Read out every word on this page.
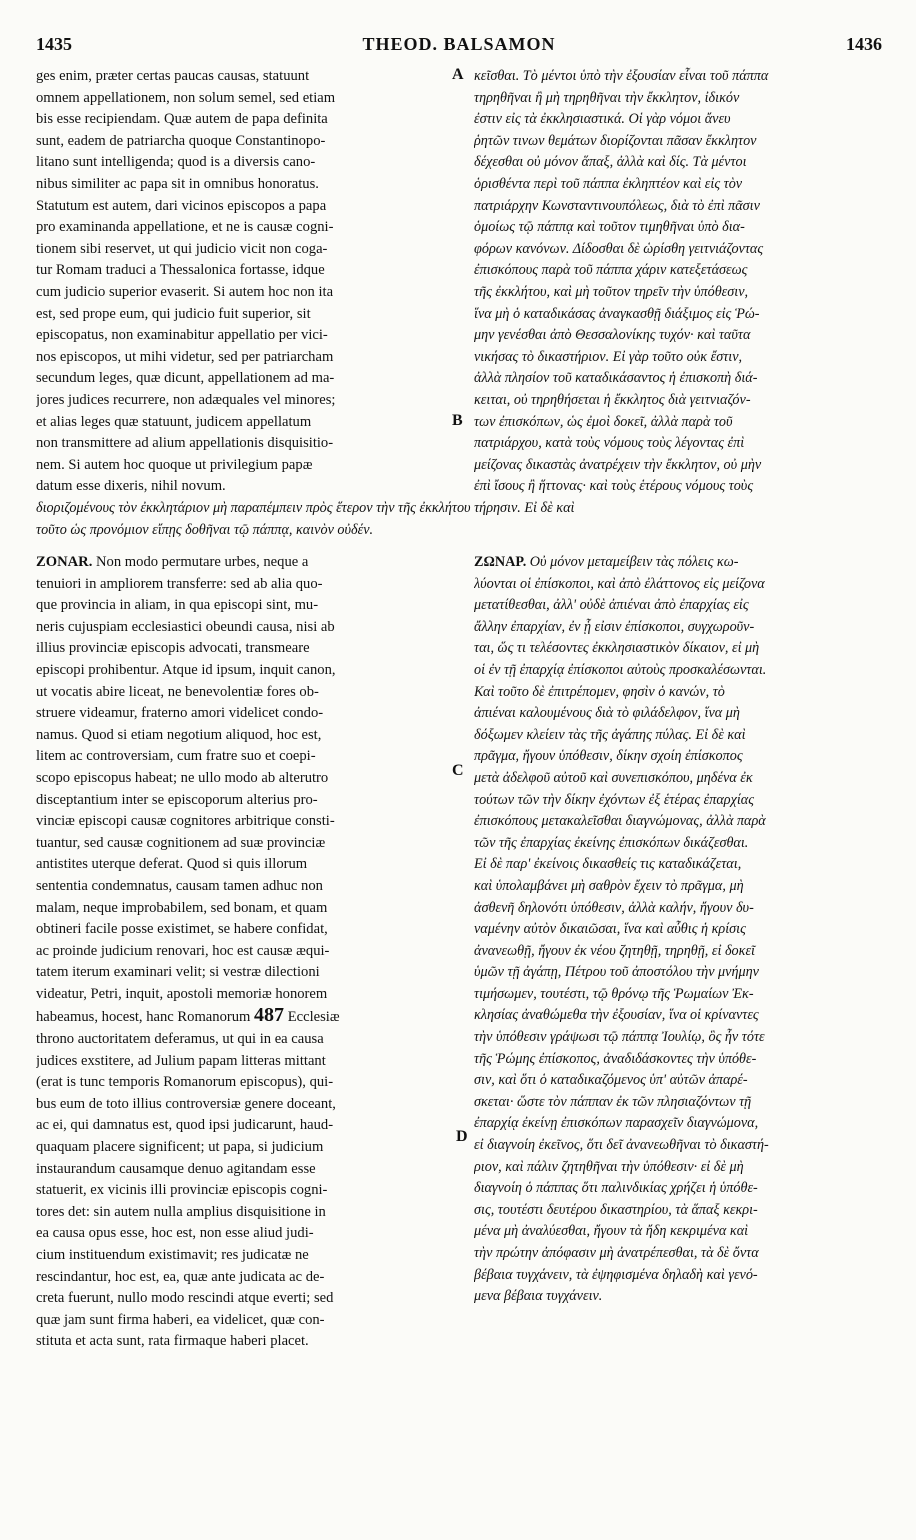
1435	THEOD. BALSAMON	1436
A
B
C
D
ges enim, præter certas paucas causas, statuunt
omnem appellationem, non solum semel, sed etiam
bis esse recipiendam. Quæ autem de papa definita
sunt, eadem de patriarcha quoque Constantinopo-
litano sunt intelligenda; quod is a diversis cano-
nibus similiter ac papa sit in omnibus honoratus.
Statutum est autem, dari vicinos episcopos a papa
pro examinanda appellatione, et ne is causæ cogni-
tionem sibi reservet, ut qui judicio vicit non coga-
tur Romam traduci a Thessalonica fortasse, idque
cum judicio superior evaserit. Si autem hoc non ita
est, sed prope eum, qui judicio fuit superior, sit
episcopatus, non examinabitur appellatio per vici-
nos episcopos, ut mihi videtur, sed per patriarcham
secundum leges, quæ dicunt, appellationem ad ma-
jores judices recurrere, non adæquales vel minores;
et alias leges quæ statuunt, judicem appellatum
non transmittere ad alium appellationis disquisitio-
nem. Si autem hoc quoque ut privilegium papæ
datum esse dixeris, nihil novum.
κεῖσθαι. Τὸ μέντοι ὑπὸ τὴν ἐξουσίαν εἶναι τοῦ πάππα
τηρηθῆναι ἢ μὴ τηρηθῆναι τὴν ἔκκλητον, ἰδικόν
ἐστιν εἰς τὰ ἐκκλησιαστικά. Οἱ γὰρ νόμοι ἄνευ
ῥητῶν τινων θεμάτων διορίζονται πᾶσαν ἔκκλητον
δέχεσθαι οὐ μόνον ἅπαξ, ἀλλὰ καὶ δίς. Τὰ μέντοι
ὁρισθέντα περὶ τοῦ πάππα ἐκληπτέον καὶ εἰς τὸν
πατριάρχην Κωνσταντινουπόλεως, διὰ τὸ ἐπὶ πᾶσιν
ὁμοίως τῷ πάππᾳ καὶ τοῦτον τιμηθῆναι ὑπὸ δια-
φόρων κανόνων. Δίδοσθαι δὲ ὡρίσθη γειτνιάζοντας
ἐπισκόπους παρὰ τοῦ πάππα χάριν κατεξετάσεως
τῆς ἐκκλήτου, καὶ μὴ τοῦτον τηρεῖν τὴν ὑπόθεσιν,
ἵνα μὴ ὁ καταδικάσας ἀναγκασθῇ διάξιμος εἰς Ῥώ-
μην γενέσθαι ἀπὸ Θεσσαλονίκης τυχόν· καὶ ταῦτα
νικήσας τὸ δικαστήριον. Εἰ γὰρ τοῦτο οὐκ ἔστιν,
ἀλλὰ πλησίον τοῦ καταδικάσαντος ἡ ἐπισκοπὴ διά-
κειται, οὐ τηρηθήσεται ἡ ἔκκλητος διὰ γειτνιαζόν-
των ἐπισκόπων, ὡς ἐμοὶ δοκεῖ, ἀλλὰ παρὰ τοῦ
πατριάρχου, κατὰ τοὺς νόμους τοὺς λέγοντας ἐπὶ
μείζονας δικαστὰς ἀνατρέχειν τὴν ἔκκλητον, οὐ μὴν
ἐπὶ ἴσους ἢ ἥττονας· καὶ τοὺς ἑτέρους νόμους τοὺς
διοριζομένους τὸν ἐκκλητάριον μὴ παραπέμπειν πρὸς ἕτερον τὴν τῆς ἐκκλήτου τήρησιν. Εἰ δὲ καὶ
τοῦτο ὡς προνόμιον εἴπῃς δοθῆναι τῷ πάππᾳ, καινὸν οὐδέν.
ZONAR. Non modo permutare urbes, neque a
tenuiori in ampliorem transferre: sed ab alia quo-
que provincia in aliam, in qua episcopi sint, mu-
neris cujuspiam ecclesiastici obeundi causa, nisi ab
illius provinciæ episcopis advocati, transmeare
episcopi prohibentur. Atque id ipsum, inquit canon,
ut vocatis abire liceat, ne benevolentiæ fores ob-
struere videamur, fraterno amori videlicet condo-
namus. Quod si etiam negotium aliquod, hoc est,
litem ac controversiam, cum fratre suo et coepi-
scopo episcopus habeat; ne ullo modo ab alterutro
disceptantium inter se episcoporum alterius pro-
vinciæ episcopi causæ cognitores arbitrique consti-
tuantur, sed causæ cognitionem ad suæ provinciæ
antistites uterque deferat. Quod si quis illorum
sententia condemnatus, causam tamen adhuc non
malam, neque improbabilem, sed bonam, et quam
obtineri facile posse existimet, se habere confidat,
ac proinde judicium renovari, hoc est causæ æqui-
tatem iterum examinari velit; si vestræ dilectioni
videatur, Petri, inquit, apostoli memoriæ honorem
habeamus, hocest, hanc Romanorum 487 Ecclesiæ
throno auctoritatem deferamus, ut qui in ea causa
judices exstitere, ad Julium papam litteras mittant
(erat is tunc temporis Romanorum episcopus), qui-
bus eum de toto illius controversiæ genere doceant,
ac ei, qui damnatus est, quod ipsi judicarunt, haud-
quaquam placere significent; ut papa, si judicium
instaurandum causamque denuo agitandam esse
statuerit, ex vicinis illi provinciæ episcopis cogni-
tores det: sin autem nulla amplius disquisitione in
ea causa opus esse, hoc est, non esse aliud judi-
cium instituendum existimavit; res judicatæ ne
rescindantur, hoc est, ea, quæ ante judicata ac de-
creta fuerunt, nullo modo rescindi atque everti; sed
quæ jam sunt firma haberi, ea videlicet, quæ con-
stituta et acta sunt, rata firmaque haberi placet.
ΖΩΝΑΡ. Οὐ μόνον μεταμείβειν τὰς πόλεις κω-
λύονται οἱ ἐπίσκοποι, καὶ ἀπὸ ἐλάττονος εἰς μείζονα
μετατίθεσθαι, ἀλλ' οὐδὲ ἀπιέναι ἀπὸ ἐπαρχίας εἰς
ἄλλην ἐπαρχίαν, ἐν ᾗ εἰσιν ἐπίσκοποι, συγχωροῦν-
ται, ὥς τι τελέσοντες ἐκκλησιαστικὸν δίκαιον, εἰ μὴ
οἱ ἐν τῇ ἐπαρχίᾳ ἐπίσκοποι αὐτοὺς προσκαλέσωνται.
Καὶ τοῦτο δὲ ἐπιτρέπομεν, φησὶν ὁ κανών, τὸ
ἀπιέναι καλουμένους διὰ τὸ φιλάδελφον, ἵνα μὴ
δόξωμεν κλείειν τὰς τῆς ἀγάπης πύλας. Εἰ δὲ καὶ
πρᾶγμα, ἤγουν ὑπόθεσιν, δίκην σχοίη ἐπίσκοπος
μετὰ ἀδελφοῦ αὐτοῦ καὶ συνεπισκόπου, μηδένα ἐκ
τούτων τῶν τὴν δίκην ἐχόντων ἐξ ἑτέρας ἐπαρχίας
ἐπισκόπους μετακαλεῖσθαι διαγνώμονας, ἀλλὰ παρὰ
τῶν τῆς ἐπαρχίας ἐκείνης ἐπισκόπων δικάζεσθαι.
Εἰ δὲ παρ' ἐκείνοις δικασθείς τις καταδικάζεται,
καὶ ὑπολαμβάνει μὴ σαθρὸν ἔχειν τὸ πρᾶγμα, μὴ
ἀσθενῆ δηλονότι ὑπόθεσιν, ἀλλὰ καλήν, ἤγουν δυ-
ναμένην αὐτὸν δικαιῶσαι, ἵνα καὶ αὖθις ἡ κρίσις
ἀνανεωθῇ, ἤγουν ἐκ νέου ζητηθῇ, τηρηθῇ, εἰ δοκεῖ
ὑμῶν τῇ ἀγάπῃ, Πέτρου τοῦ ἀποστόλου τὴν μνήμην
τιμήσωμεν, τουτέστι, τῷ θρόνῳ τῆς Ῥωμαίων Ἐκ-
κλησίας ἀναθώμεθα τὴν ἐξουσίαν, ἵνα οἱ κρίναντες
τὴν ὑπόθεσιν γράψωσι τῷ πάππᾳ Ἰουλίῳ, ὃς ἦν τότε
τῆς Ῥώμης ἐπίσκοπος, ἀναδιδάσκοντες τὴν ὑπόθε-
σιν, καὶ ὅτι ὁ καταδικαζόμενος ὑπ' αὐτῶν ἀπαρέ-
σκεται· ὥστε τὸν πάππαν ἐκ τῶν πλησιαζόντων τῇ
ἐπαρχίᾳ ἐκείνῃ ἐπισκόπων παρασχεῖν διαγνώμονα,
εἰ διαγνοίη ἐκεῖνος, ὅτι δεῖ ἀνανεωθῆναι τὸ δικαστή-
ριον, καὶ πάλιν ζητηθῆναι τὴν ὑπόθεσιν· εἰ δὲ μὴ
διαγνοίη ὁ πάππας ὅτι παλινδικίας χρήζει ἡ ὑπόθε-
σις, τουτέστι δευτέρου δικαστηρίου, τὰ ἅπαξ κεκρι-
μένα μὴ ἀναλύεσθαι, ἤγουν τὰ ἤδη κεκριμένα καὶ
τὴν πρώτην ἀπόφασιν μὴ ἀνατρέπεσθαι, τὰ δὲ ὄντα
βέβαια τυγχάνειν, τὰ ἐψηφισμένα δηλαδὴ καὶ γενό-
μενα βέβαια τυγχάνειν.
